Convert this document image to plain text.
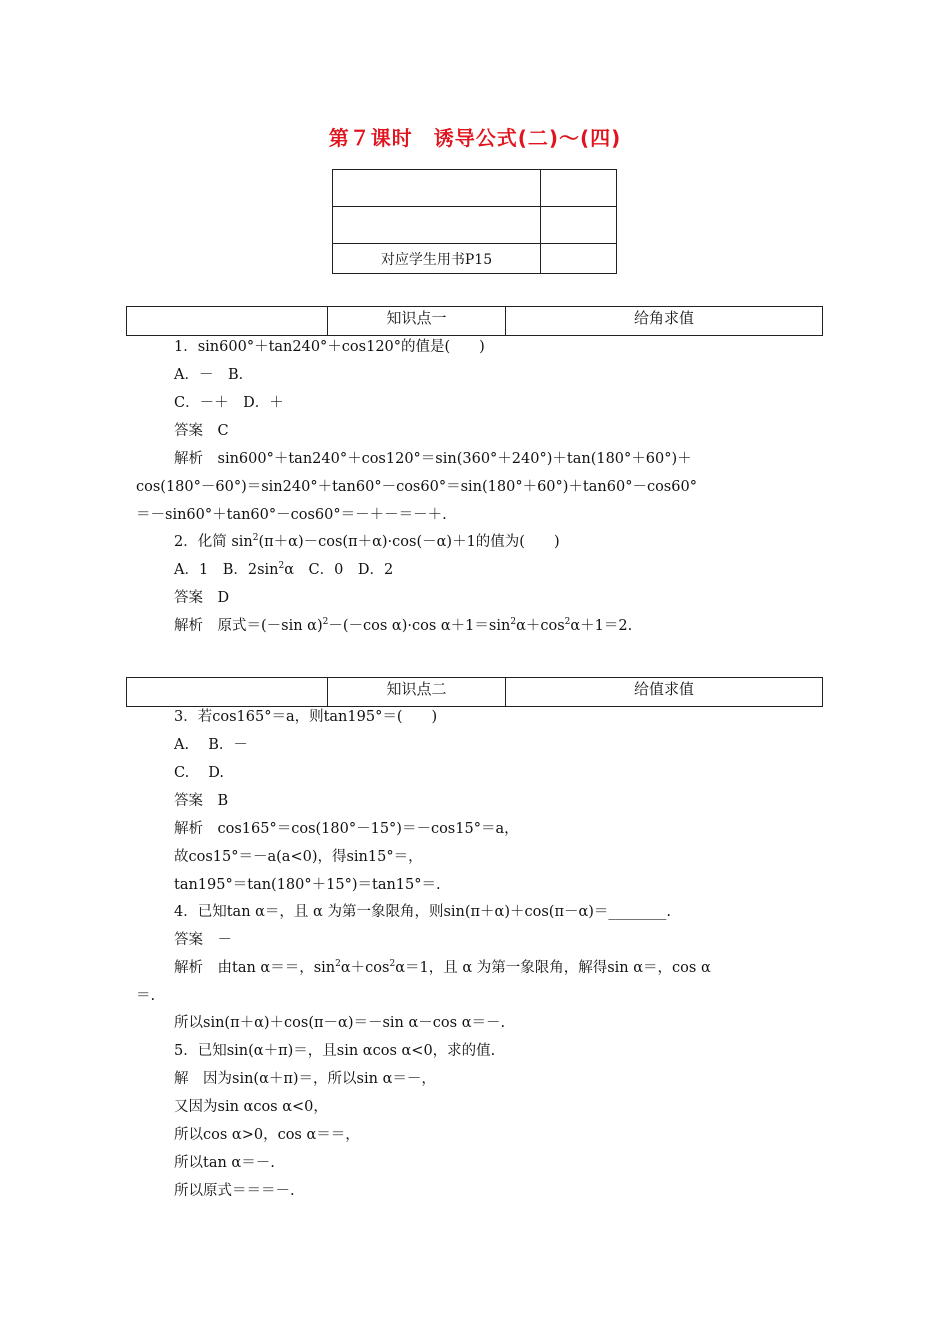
第７课时　诱导公式(二)～(四)

对应学生用书P15	
	知识点一	给角求值
1．sin600°＋tan240°＋cos120°的值是(　　)
A．－　B．
C．－＋　D．＋
答案　C
解析　sin600°＋tan240°＋cos120°＝sin(360°＋240°)＋tan(180°＋60°)＋
cos(180°－60°)＝sin240°＋tan60°－cos60°＝sin(180°＋60°)＋tan60°－cos60°
＝－sin60°＋tan60°－cos60°＝－＋－＝－＋.
2．化简 $\sin^2(\pi+\alpha)-\cos(\pi+\alpha)\cdot\cos(-\alpha)+1$的值为(　　)
A．1　B．$2\sin^2\alpha$　C．0　D．2
答案　D
解析　原式＝(－sin α)$^2$－(－cos α)·cos $\alpha+1=\sin^2\alpha+\cos^2\alpha+1=2$.
	知识点二	给值求值
3．若cos165°＝a，则tan195°＝(　　)
A.　 B．－
C.　 D.
答案　B
解析　cos165°＝cos(180°－15°)＝－cos15°＝a，
故cos15°＝－a(a<0)，得sin15°＝，
tan195°＝tan(180°＋15°)＝tan15°＝.
4．已知tan α＝，且 α 为第一象限角，则sin(π＋α)＋cos(π－α)＝________.
答案　－
解析　由tan α＝＝，$\sin^2\alpha+\cos^2\alpha=1$，且 α 为第一象限角，解得sin α＝，cos α
＝.
所以sin(π＋α)＋cos(π－α)＝－sin α－cos α＝－.
5．已知sin(α＋π)＝，且sin αcos α<0，求的值.
解　因为sin(α＋π)＝，所以sin α＝－，
又因为sin αcos α<0，
所以cos α>0，cos α＝＝，
所以tan α＝－.
所以原式＝＝＝－.
